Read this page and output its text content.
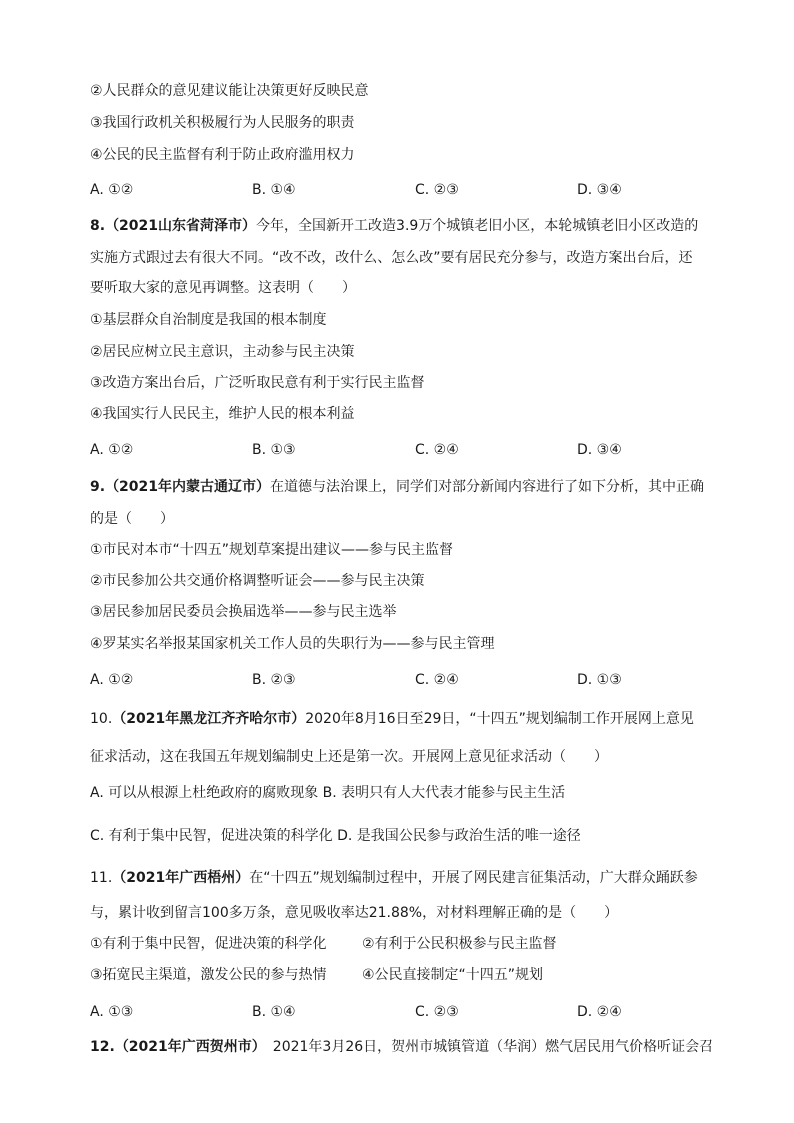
②人民群众的意见建议能让决策更好反映民意
③我国行政机关积极履行为人民服务的职责
④公民的民主监督有利于防止政府滥用权力
A. ①②	B. ①④	C. ②③	D. ③④
8.（2021山东省菏泽市）今年，全国新开工改造3.9万个城镇老旧小区，本轮城镇老旧小区改造的
实施方式跟过去有很大不同。“改不改，改什么、怎么改”要有居民充分参与，改造方案出台后，还
要听取大家的意见再调整。这表明（　　）
①基层群众自治制度是我国的根本制度
②居民应树立民主意识，主动参与民主决策
③改造方案出台后，广泛听取民意有利于实行民主监督
④我国实行人民民主，维护人民的根本利益
A. ①②	B. ①③	C. ②④	D. ③④
9.（2021年内蒙古通辽市）在道德与法治课上，同学们对部分新闻内容进行了如下分析，其中正确
的是（　　）
①市民对本市“十四五”规划草案提出建议——参与民主监督
②市民参加公共交通价格调整听证会——参与民主决策
③居民参加居民委员会换届选举——参与民主选举
④罗某实名举报某国家机关工作人员的失职行为——参与民主管理
A. ①②	B. ②③	C. ②④	D. ①③
10.（2021年黑龙江齐齐哈尔市）2020年8月16日至29日，“十四五”规划编制工作开展网上意见
征求活动，这在我国五年规划编制史上还是第一次。开展网上意见征求活动（　　）
A. 可以从根源上杜绝政府的腐败现象 B. 表明只有人大代表才能参与民主生活
C. 有利于集中民智，促进决策的科学化 D. 是我国公民参与政治生活的唯一途径
11.（2021年广西梧州）在“十四五”规划编制过程中，开展了网民建言征集活动，广大群众踊跃参
与，累计收到留言100多万条，意见吸收率达21.88%，对材料理解正确的是（　　）
①有利于集中民智，促进决策的科学化	②有利于公民积极参与民主监督
③拓宽民主渠道，激发公民的参与热情	④公民直接制定“十四五”规划
A. ①③	B. ①④	C. ②③	D. ②④
12.（2021年广西贺州市）　2021年3月26日，贺州市城镇管道（华润）燃气居民用气价格听证会召
